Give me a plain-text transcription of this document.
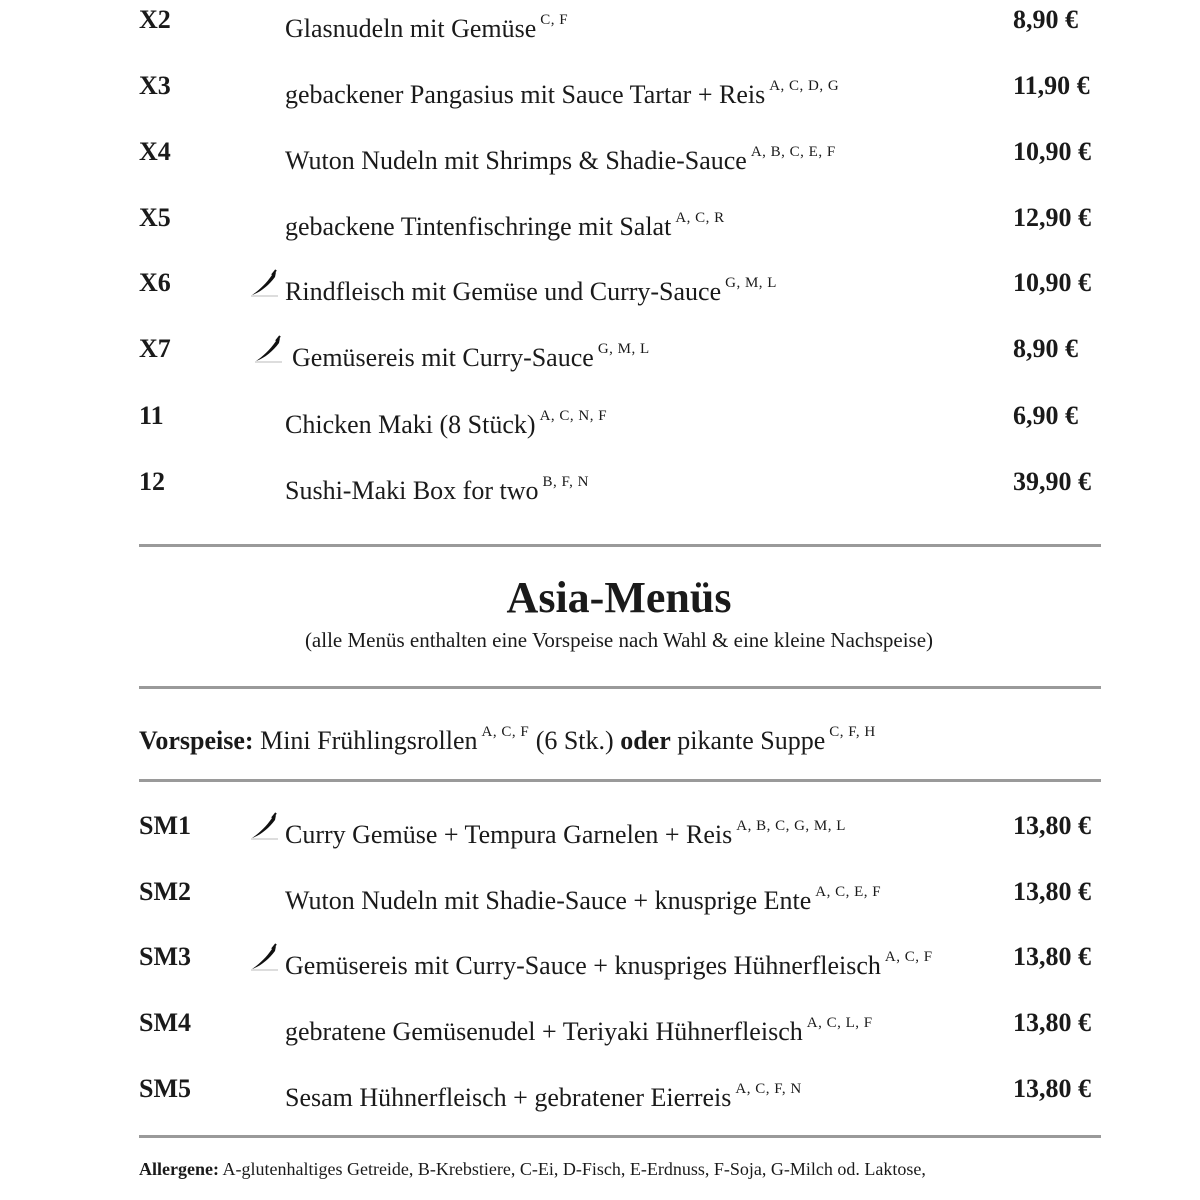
X2	Glasnudeln mit Gemüse $^{C, F}$	8,90 €
X3	gebackener Pangasius mit Sauce Tartar + Reis $^{A, C, D, G}$	11,90 €
X4	Wuton Nudeln mit Shrimps & Shadie-Sauce $^{A, B, C, E, F}$	10,90 €
X5	gebackene Tintenfischringe mit Salat $^{A, C, R}$	12,90 €
X6	Rindfleisch mit Gemüse und Curry-Sauce $^{G, M, L}$	10,90 €
X7	Gemüsereis mit Curry-Sauce $^{G, M, L}$	8,90 €
11	Chicken Maki (8 Stück) $^{A, C, N, F}$	6,90 €
12	Sushi-Maki Box for two $^{B, F, N}$	39,90 €
Asia-Menüs
(alle Menüs enthalten eine Vorspeise nach Wahl & eine kleine Nachspeise)
Vorspeise: Mini Frühlingsrollen $^{A, C, F}$ (6 Stk.) oder pikante Suppe $^{C, F, H}$
SM1	Curry Gemüse + Tempura Garnelen + Reis $^{A, B, C, G, M, L}$	13,80 €
SM2	Wuton Nudeln mit Shadie-Sauce + knusprige Ente $^{A, C, E, F}$	13,80 €
SM3	Gemüsereis mit Curry-Sauce + knuspriges Hühnerfleisch $^{A, C, F}$	13,80 €
SM4	gebratene Gemüsenudel + Teriyaki Hühnerfleisch $^{A, C, L, F}$	13,80 €
SM5	Sesam Hühnerfleisch + gebratener Eierreis $^{A, C, F, N}$	13,80 €
Allergene: A-glutenhaltiges Getreide, B-Krebstiere, C-Ei, D-Fisch, E-Erdnuss, F-Soja, G-Milch od. Laktose,
